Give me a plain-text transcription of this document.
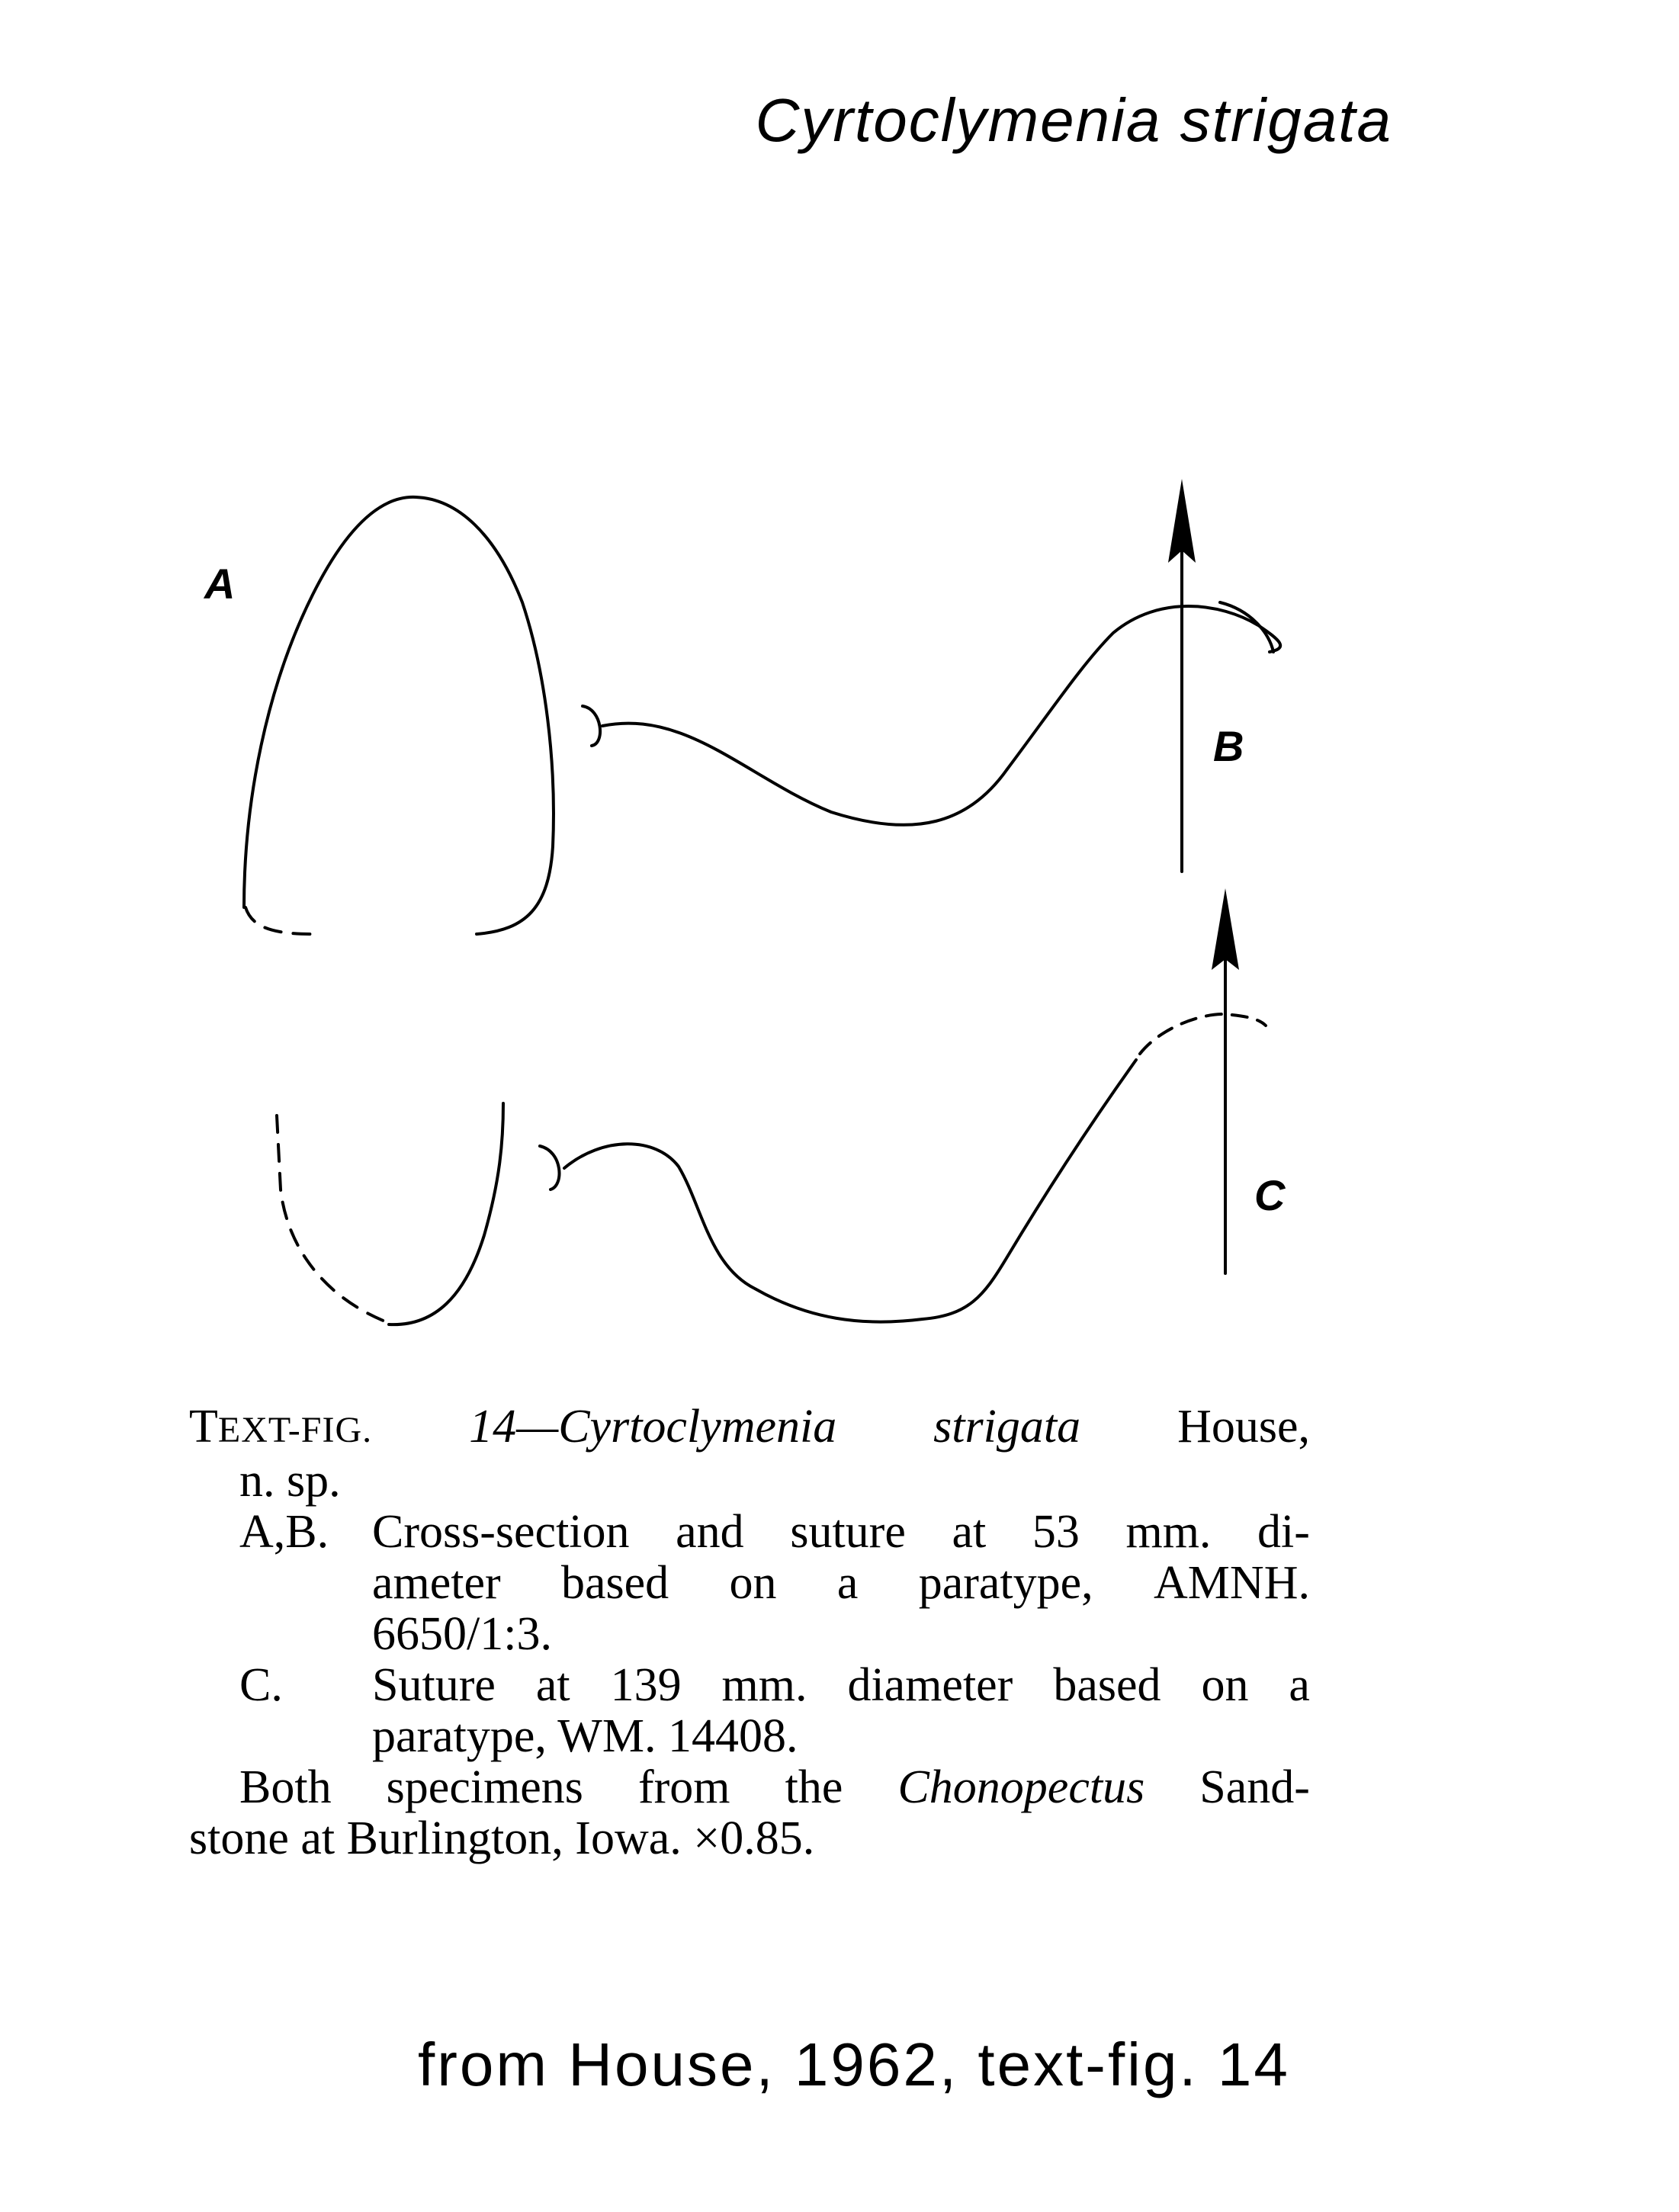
Cyrtoclymenia strigata
A
B
C
TEXT-FIG. 14—Cyrtoclymenia strigata House,
n. sp.
A,B. Cross-section and suture at 53 mm. di-
ameter based on a paratype, AMNH.
6650/1:3.
C.	Suture at 139 mm. diameter based on a
paratype, WM. 14408.
Both specimens from the Chonopectus Sand-
stone at Burlington, Iowa. ×0.85.
from House, 1962, text-fig. 14
